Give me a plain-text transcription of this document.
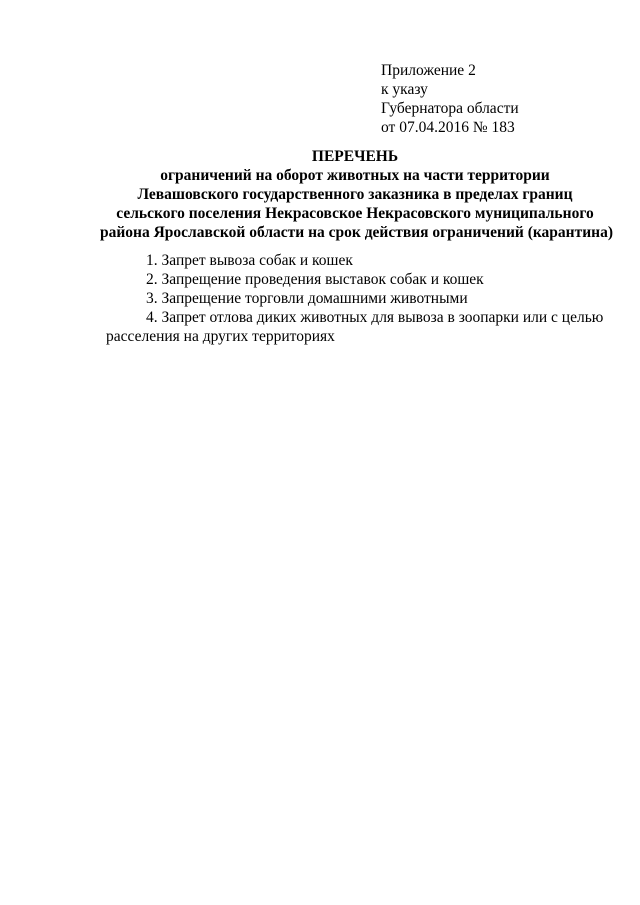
Приложение 2
к указу
Губернатора области
от 07.04.2016 № 183
ПЕРЕЧЕНЬ
ограничений на оборот животных на части территории
Левашовского государственного заказника в пределах границ
сельского поселения Некрасовское Некрасовского муниципального
района Ярославской области на срок действия ограничений (карантина)
1. Запрет вывоза собак и кошек
2. Запрещение проведения выставок собак и кошек
3. Запрещение торговли домашними животными
4. Запрет отлова диких животных для вывоза в зоопарки или с целью расселения на других территориях
